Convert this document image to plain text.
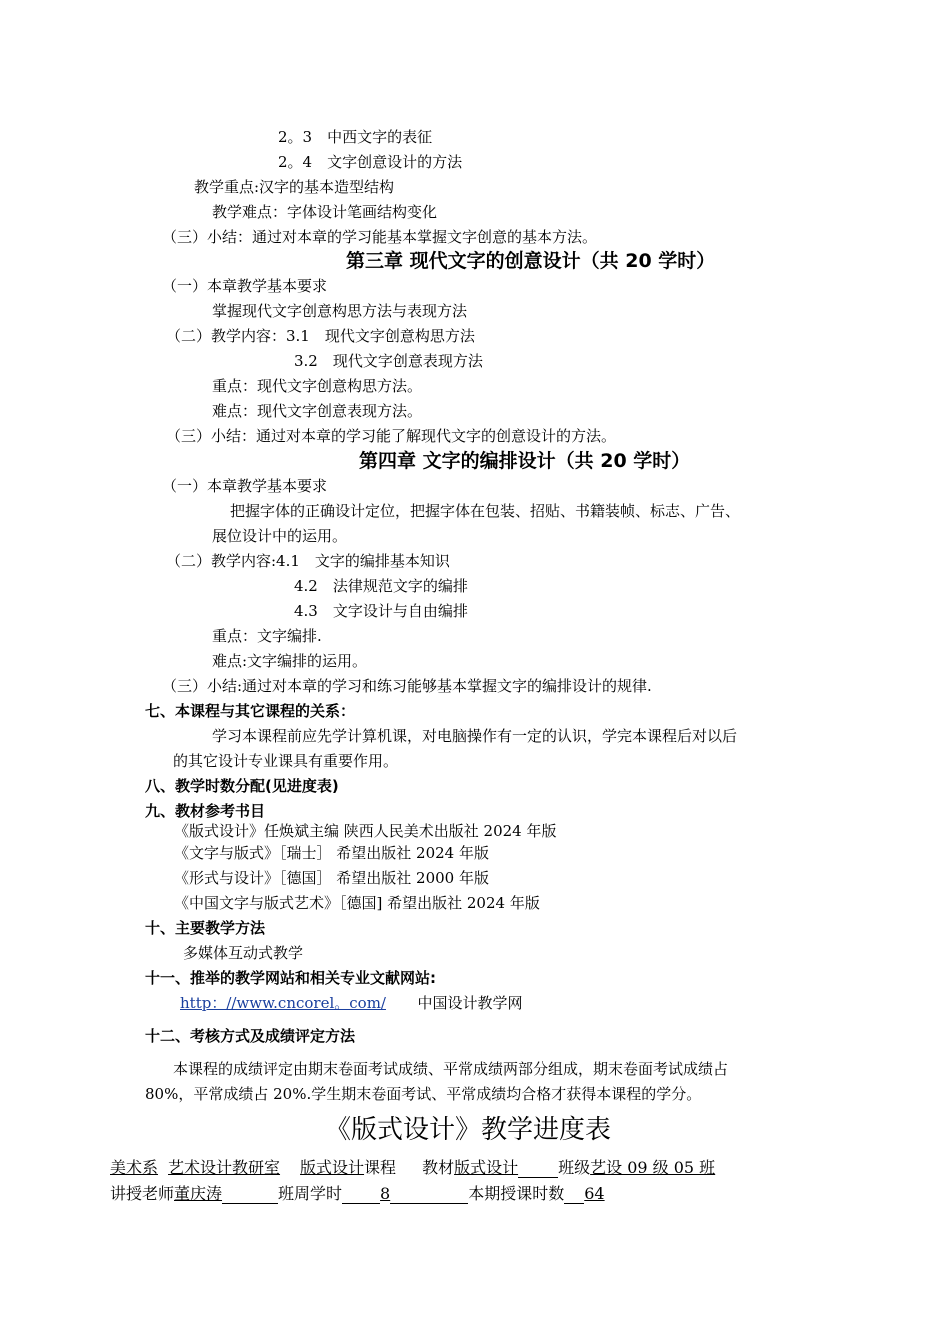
2。3　中西文字的表征
2。4　文字创意设计的方法
教学重点:汉字的基本造型结构
教学难点：字体设计笔画结构变化
（三）小结：通过对本章的学习能基本掌握文字创意的基本方法。
第三章 现代文字的创意设计（共 20 学时）
（一）本章教学基本要求
掌握现代文字创意构思方法与表现方法
（二）教学内容：3.1　现代文字创意构思方法
3.2　现代文字创意表现方法
重点：现代文字创意构思方法。
难点：现代文字创意表现方法。
（三）小结：通过对本章的学习能了解现代文字的创意设计的方法。
第四章 文字的编排设计（共 20 学时）
（一）本章教学基本要求
把握字体的正确设计定位，把握字体在包装、招贴、书籍装帧、标志、广告、
展位设计中的运用。
（二）教学内容:4.1　文字的编排基本知识
4.2　法律规范文字的编排
4.3　文字设计与自由编排
重点：文字编排.
难点:文字编排的运用。
（三）小结:通过对本章的学习和练习能够基本掌握文字的编排设计的规律.
七、本课程与其它课程的关系：
学习本课程前应先学计算机课，对电脑操作有一定的认识，学完本课程后对以后
的其它设计专业课具有重要作用。
八、教学时数分配(见进度表)
九、教材参考书目
《版式设计》任焕斌主编 陕西人民美术出版社 2024 年版
《文字与版式》［瑞士］ 希望出版社 2024 年版
《形式与设计》［德国］ 希望出版社 2000 年版
《中国文字与版式艺术》［德国] 希望出版社 2024 年版
十、主要教学方法
多媒体互动式教学
十一、推举的教学网站和相关专业文献网站:
http：//www.cncorel。com/ 中国设计教学网
十二、考核方式及成绩评定方法
本课程的成绩评定由期末卷面考试成绩、平常成绩两部分组成，期末卷面考试成绩占
80%，平常成绩占 20%.学生期末卷面考试、平常成绩均合格才获得本课程的学分。
《版式设计》教学进度表
美术系 艺术设计教研室 版式设计课程 教材版式设计	班级艺设 09 级 05 班
讲授老师董庆涛	班周学时 8	本期授课时数 64
